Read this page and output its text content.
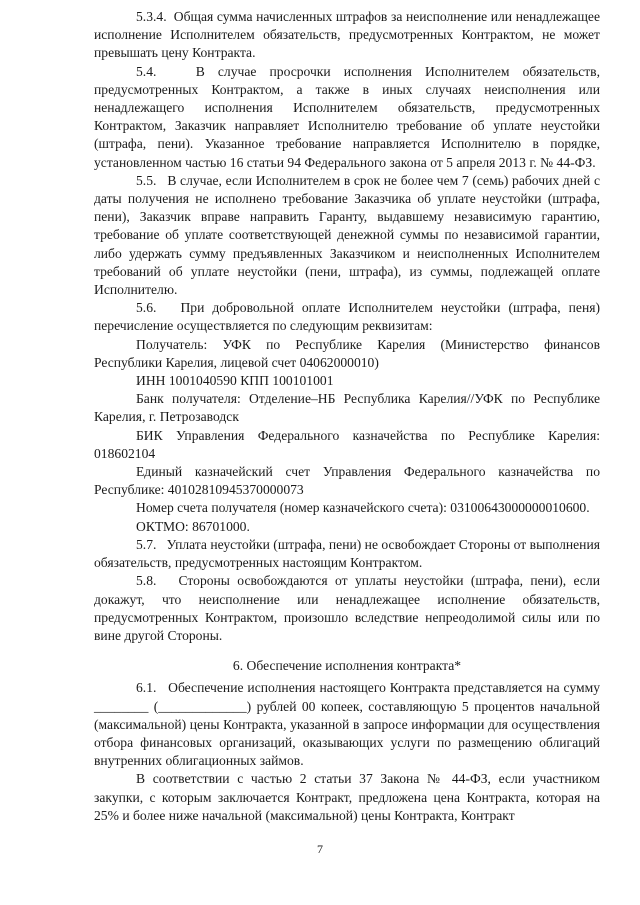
5.3.4.  Общая сумма начисленных штрафов за неисполнение или ненадлежащее исполнение Исполнителем обязательств, предусмотренных Контрактом, не может превышать цену Контракта.

5.4.   В случае просрочки исполнения Исполнителем обязательств, предусмотренных Контрактом, а также в иных случаях неисполнения или ненадлежащего исполнения Исполнителем обязательств, предусмотренных Контрактом, Заказчик направляет Исполнителю требование об уплате неустойки (штрафа, пени). Указанное требование направляется Исполнителю в порядке, установленном частью 16 статьи 94 Федерального закона от 5 апреля 2013 г. № 44-ФЗ.

5.5.   В случае, если Исполнителем в срок не более чем 7 (семь) рабочих дней с даты получения не исполнено требование Заказчика об уплате неустойки (штрафа, пени), Заказчик вправе направить Гаранту, выдавшему независимую гарантию, требование об уплате соответствующей денежной суммы по независимой гарантии, либо удержать сумму предъявленных Заказчиком и неисполненных Исполнителем требований об уплате неустойки (пени, штрафа), из суммы, подлежащей оплате Исполнителю.

5.6.   При добровольной оплате Исполнителем неустойки (штрафа, пеня) перечисление осуществляется по следующим реквизитам:

Получатель: УФК по Республике Карелия (Министерство финансов Республики Карелия, лицевой счет 04062000010)

ИНН 1001040590 КПП 100101001

Банк получателя: Отделение–НБ Республика Карелия//УФК по Республике Карелия, г. Петрозаводск

БИК Управления Федерального казначейства по Республике Карелия: 018602104

Единый казначейский счет Управления Федерального казначейства по Республике: 40102810945370000073

Номер счета получателя (номер казначейского счета): 03100643000000010600.

ОКТМО: 86701000.

5.7.   Уплата неустойки (штрафа, пени) не освобождает Стороны от выполнения обязательств, предусмотренных настоящим Контрактом.

5.8.   Стороны освобождаются от уплаты неустойки (штрафа, пени), если докажут, что неисполнение или ненадлежащее исполнение обязательств, предусмотренных Контрактом, произошло вследствие непреодолимой силы или по вине другой Стороны.

6. Обеспечение исполнения контракта*

6.1.   Обеспечение исполнения настоящего Контракта представляется на сумму ________ (_____________) рублей 00 копеек, составляющую 5 процентов начальной (максимальной) цены Контракта, указанной в запросе информации для осуществления отбора финансовых организаций, оказывающих услуги по размещению облигаций внутренних облигационных займов.

В соответствии с частью 2 статьи 37 Закона № 44-ФЗ, если участником закупки, с которым заключается Контракт, предложена цена Контракта, которая на 25% и более ниже начальной (максимальной) цены Контракта, Контракт

7
